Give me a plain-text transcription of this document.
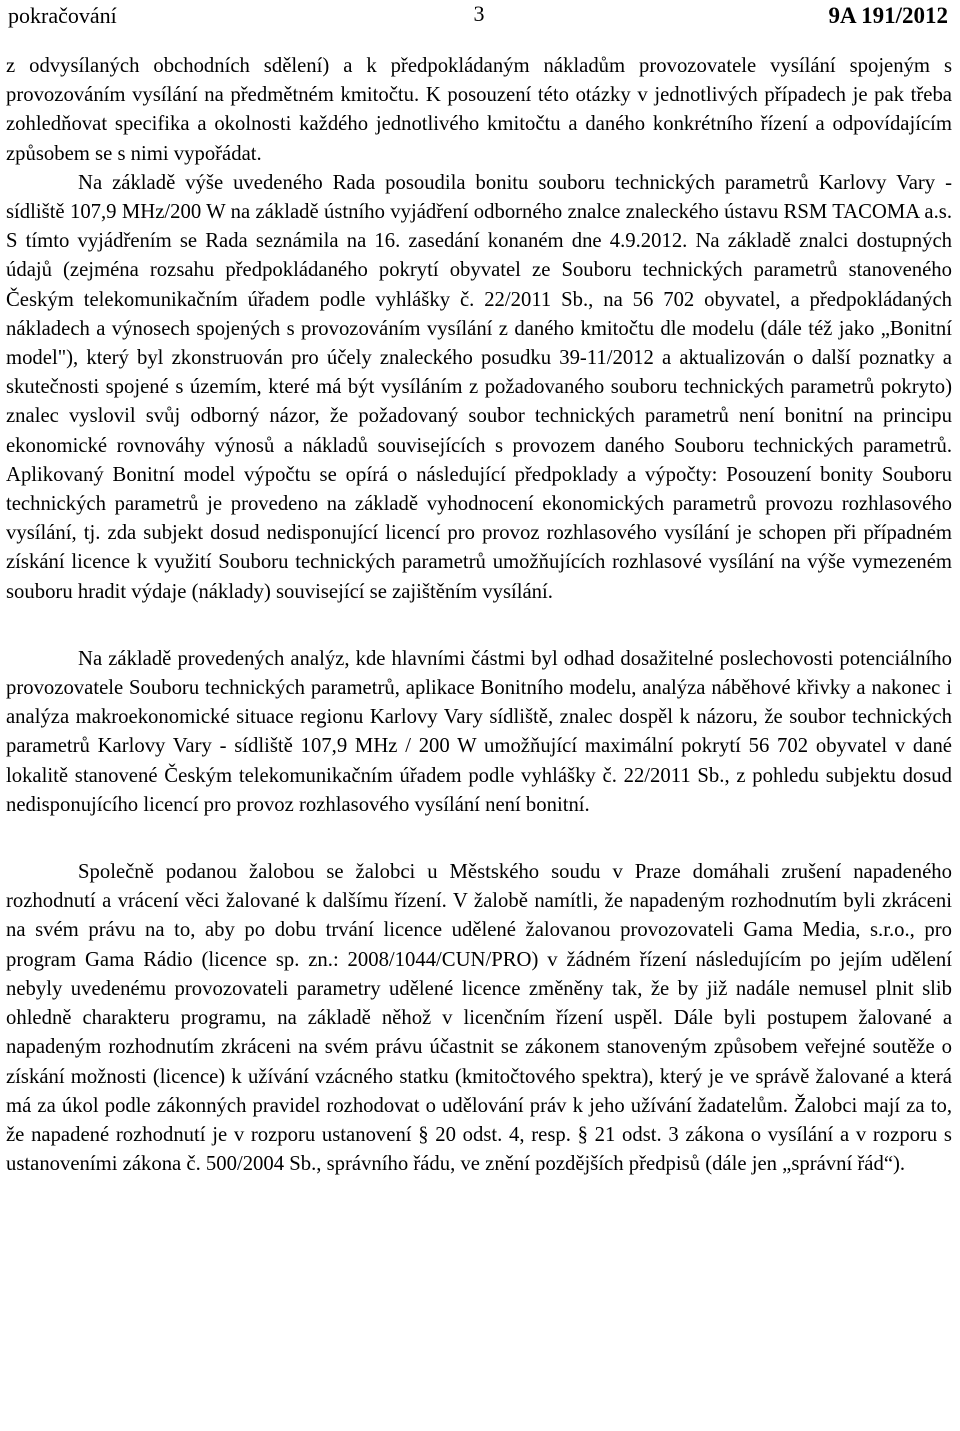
pokračování	3	9A 191/2012

z odvysílaných obchodních sdělení) a k předpokládaným nákladům provozovatele vysílání spojeným s provozováním vysílání na předmětném kmitočtu. K posouzení této otázky v jednotlivých případech je pak třeba zohledňovat specifika a okolnosti každého jednotlivého kmitočtu a daného konkrétního řízení a odpovídajícím způsobem se s nimi vypořádat.

Na základě výše uvedeného Rada posoudila bonitu souboru technických parametrů Karlovy Vary - sídliště 107,9 MHz/200 W na základě ústního vyjádření odborného znalce znaleckého ústavu RSM TACOMA a.s. S tímto vyjádřením se Rada seznámila na 16. zasedání konaném dne 4.9.2012. Na základě znalci dostupných údajů (zejména rozsahu předpokládaného pokrytí obyvatel ze Souboru technických parametrů stanoveného Českým telekomunikačním úřadem podle vyhlášky č. 22/2011 Sb., na 56 702 obyvatel, a předpokládaných nákladech a výnosech spojených s provozováním vysílání z daného kmitočtu dle modelu (dále též jako „Bonitní model"), který byl zkonstruován pro účely znaleckého posudku 39-11/2012 a aktualizován o další poznatky a skutečnosti spojené s územím, které má být vysíláním z požadovaného souboru technických parametrů pokryto) znalec vyslovil svůj odborný názor, že požadovaný soubor technických parametrů není bonitní na principu ekonomické rovnováhy výnosů a nákladů souvisejících s provozem daného Souboru technických parametrů. Aplikovaný Bonitní model výpočtu se opírá o následující předpoklady a výpočty: Posouzení bonity Souboru technických parametrů je provedeno na základě vyhodnocení ekonomických parametrů provozu rozhlasového vysílání, tj. zda subjekt dosud nedisponující licencí pro provoz rozhlasového vysílání je schopen při případném získání licence k využití Souboru technických parametrů umožňujících rozhlasové vysílání na výše vymezeném souboru hradit výdaje (náklady) související se zajištěním vysílání.

Na základě provedených analýz, kde hlavními částmi byl odhad dosažitelné poslechovosti potenciálního provozovatele Souboru technických parametrů, aplikace Bonitního modelu, analýza náběhové křivky a nakonec i analýza makroekonomické situace regionu Karlovy Vary sídliště, znalec dospěl k názoru, že soubor technických parametrů Karlovy Vary - sídliště 107,9 MHz / 200 W umožňující maximální pokrytí 56 702 obyvatel v dané lokalitě stanovené Českým telekomunikačním úřadem podle vyhlášky č. 22/2011 Sb., z pohledu subjektu dosud nedisponujícího licencí pro provoz rozhlasového vysílání není bonitní.

Společně podanou žalobou se žalobci u Městského soudu v Praze domáhali zrušení napadeného rozhodnutí a vrácení věci žalované k dalšímu řízení. V žalobě namítli, že napadeným rozhodnutím byli zkráceni na svém právu na to, aby po dobu trvání licence udělené žalovanou provozovateli Gama Media, s.r.o., pro program Gama Rádio (licence sp. zn.: 2008/1044/CUN/PRO) v žádném řízení následujícím po jejím udělení nebyly uvedenému provozovateli parametry udělené licence změněny tak, že by již nadále nemusel plnit slib ohledně charakteru programu, na základě něhož v licenčním řízení uspěl. Dále byli postupem žalované a napadeným rozhodnutím zkráceni na svém právu účastnit se zákonem stanoveným způsobem veřejné soutěže o získání možnosti (licence) k užívání vzácného statku (kmitočtového spektra), který je ve správě žalované a která má za úkol podle zákonných pravidel rozhodovat o udělování práv k jeho užívání žadatelům. Žalobci mají za to, že napadené rozhodnutí je v rozporu ustanovení § 20 odst. 4, resp. § 21 odst. 3 zákona o vysílání a v rozporu s ustanoveními zákona č. 500/2004 Sb., správního řádu, ve znění pozdějších předpisů (dále jen „správní řád“).
